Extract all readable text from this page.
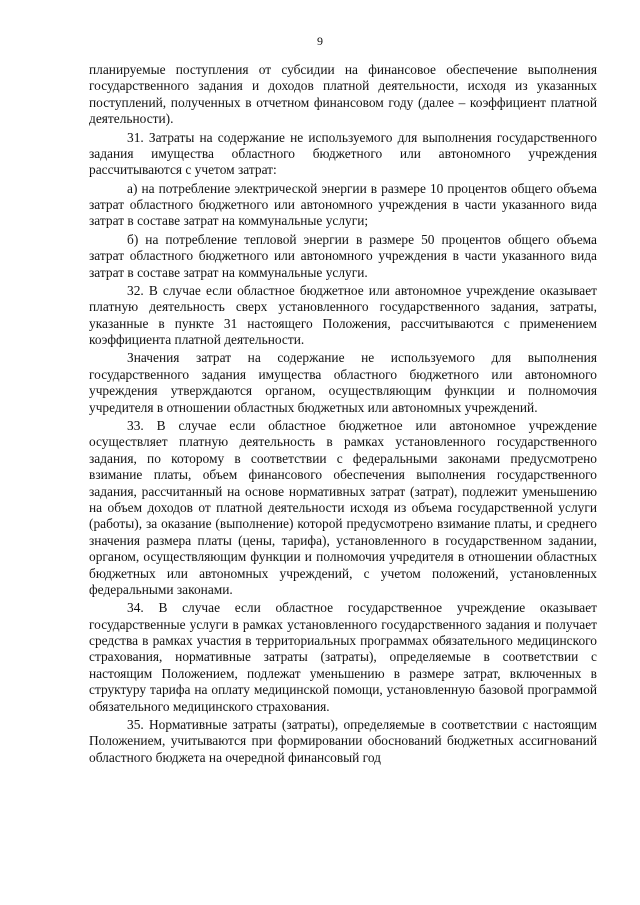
9

планируемые поступления от субсидии на финансовое обеспечение выполнения государственного задания и доходов платной деятельности, исходя из указанных поступлений, полученных в отчетном финансовом году (далее – коэффициент платной деятельности).

31. Затраты на содержание не используемого для выполнения государственного задания имущества областного бюджетного или автономного учреждения рассчитываются с учетом затрат:

а) на потребление электрической энергии в размере 10 процентов общего объема затрат областного бюджетного или автономного учреждения в части указанного вида затрат в составе затрат на коммунальные услуги;

б) на потребление тепловой энергии в размере 50 процентов общего объема затрат областного бюджетного или автономного учреждения в части указанного вида затрат в составе затрат на коммунальные услуги.

32. В случае если областное бюджетное или автономное учреждение оказывает платную деятельность сверх установленного государственного задания, затраты, указанные в пункте 31 настоящего Положения, рассчитываются с применением коэффициента платной деятельности.

Значения затрат на содержание не используемого для выполнения государственного задания имущества областного бюджетного или автономного учреждения утверждаются органом, осуществляющим функции и полномочия учредителя в отношении областных бюджетных или автономных учреждений.

33. В случае если областное бюджетное или автономное учреждение осуществляет платную деятельность в рамках установленного государственного задания, по которому в соответствии с федеральными законами предусмотрено взимание платы, объем финансового обеспечения выполнения государственного задания, рассчитанный на основе нормативных затрат (затрат), подлежит уменьшению на объем доходов от платной деятельности исходя из объема государственной услуги (работы), за оказание (выполнение) которой предусмотрено взимание платы, и среднего значения размера платы (цены, тарифа), установленного в государственном задании, органом, осуществляющим функции и полномочия учредителя в отношении областных бюджетных или автономных учреждений, с учетом положений, установленных федеральными законами.

34. В случае если областное государственное учреждение оказывает государственные услуги в рамках установленного государственного задания и получает средства в рамках участия в территориальных программах обязательного медицинского страхования, нормативные затраты (затраты), определяемые в соответствии с настоящим Положением, подлежат уменьшению в размере затрат, включенных в структуру тарифа на оплату медицинской помощи, установленную базовой программой обязательного медицинского страхования.

35. Нормативные затраты (затраты), определяемые в соответствии с настоящим Положением, учитываются при формировании обоснований бюджетных ассигнований областного бюджета на очередной финансовый год
